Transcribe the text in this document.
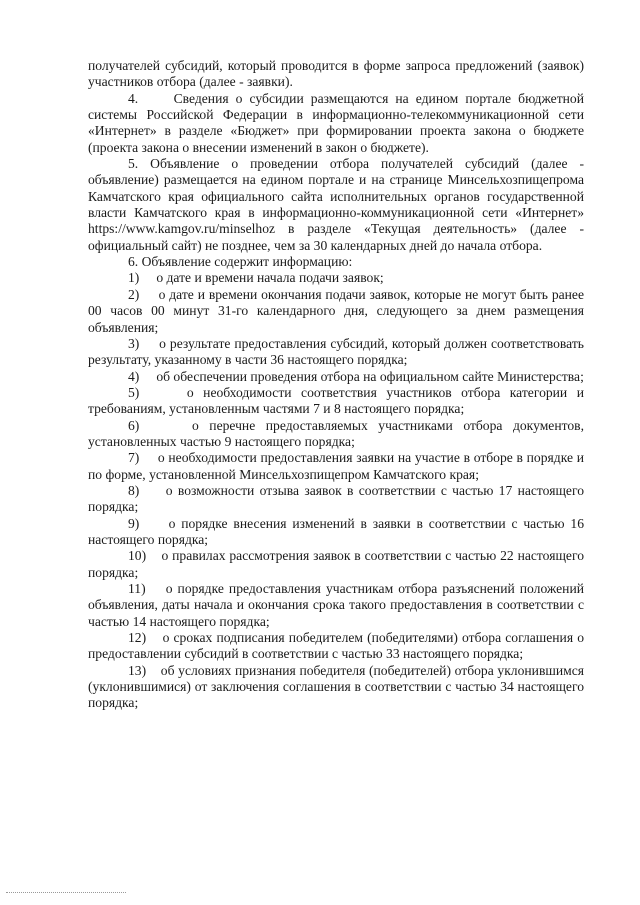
получателей субсидий, который проводится в форме запроса предложений (заявок) участников отбора (далее - заявки).

4.     Сведения о субсидии размещаются на едином портале бюджетной системы Российской Федерации в информационно-телекоммуникационной сети «Интернет» в разделе «Бюджет» при формировании проекта закона о бюджете (проекта закона о внесении изменений в закон о бюджете).

5. Объявление о проведении отбора получателей субсидий (далее - объявление) размещается на едином портале и на странице Минсельхозпищепрома Камчатского края официального сайта исполнительных органов государственной власти Камчатского края в информационно-коммуникационной сети «Интернет» https://www.kamgov.ru/minselhoz в разделе «Текущая деятельность» (далее - официальный сайт) не позднее, чем за 30 календарных дней до начала отбора.

6. Объявление содержит информацию:

1)     о дате и времени начала подачи заявок;

2)     о дате и времени окончания подачи заявок, которые не могут быть ранее 00 часов 00 минут 31-го календарного дня, следующего за днем размещения объявления;

3)     о результате предоставления субсидий, который должен соответствовать результату, указанному в части 36 настоящего порядка;

4)     об обеспечении проведения отбора на официальном сайте Министерства;

5)     о необходимости соответствия участников отбора категории и требованиям, установленным частями 7 и 8 настоящего порядка;

6)     о перечне предоставляемых участниками отбора документов, установленных частью 9 настоящего порядка;

7)     о необходимости предоставления заявки на участие в отборе в порядке и по форме, установленной Минсельхозпищепром Камчатского края;

8)     о возможности отзыва заявок в соответствии с частью 17 настоящего порядка;

9)     о порядке внесения изменений в заявки в соответствии с частью 16 настоящего порядка;

10)    о правилах рассмотрения заявок в соответствии с частью 22 настоящего порядка;

11)    о порядке предоставления участникам отбора разъяснений положений объявления, даты начала и окончания срока такого предоставления в соответствии с частью 14 настоящего порядка;

12)    о сроках подписания победителем (победителями) отбора соглашения о предоставлении субсидий в соответствии с частью 33 настоящего порядка;

13)    об условиях признания победителя (победителей) отбора уклонившимся (уклонившимися) от заключения соглашения в соответствии с частью 34 настоящего порядка;
